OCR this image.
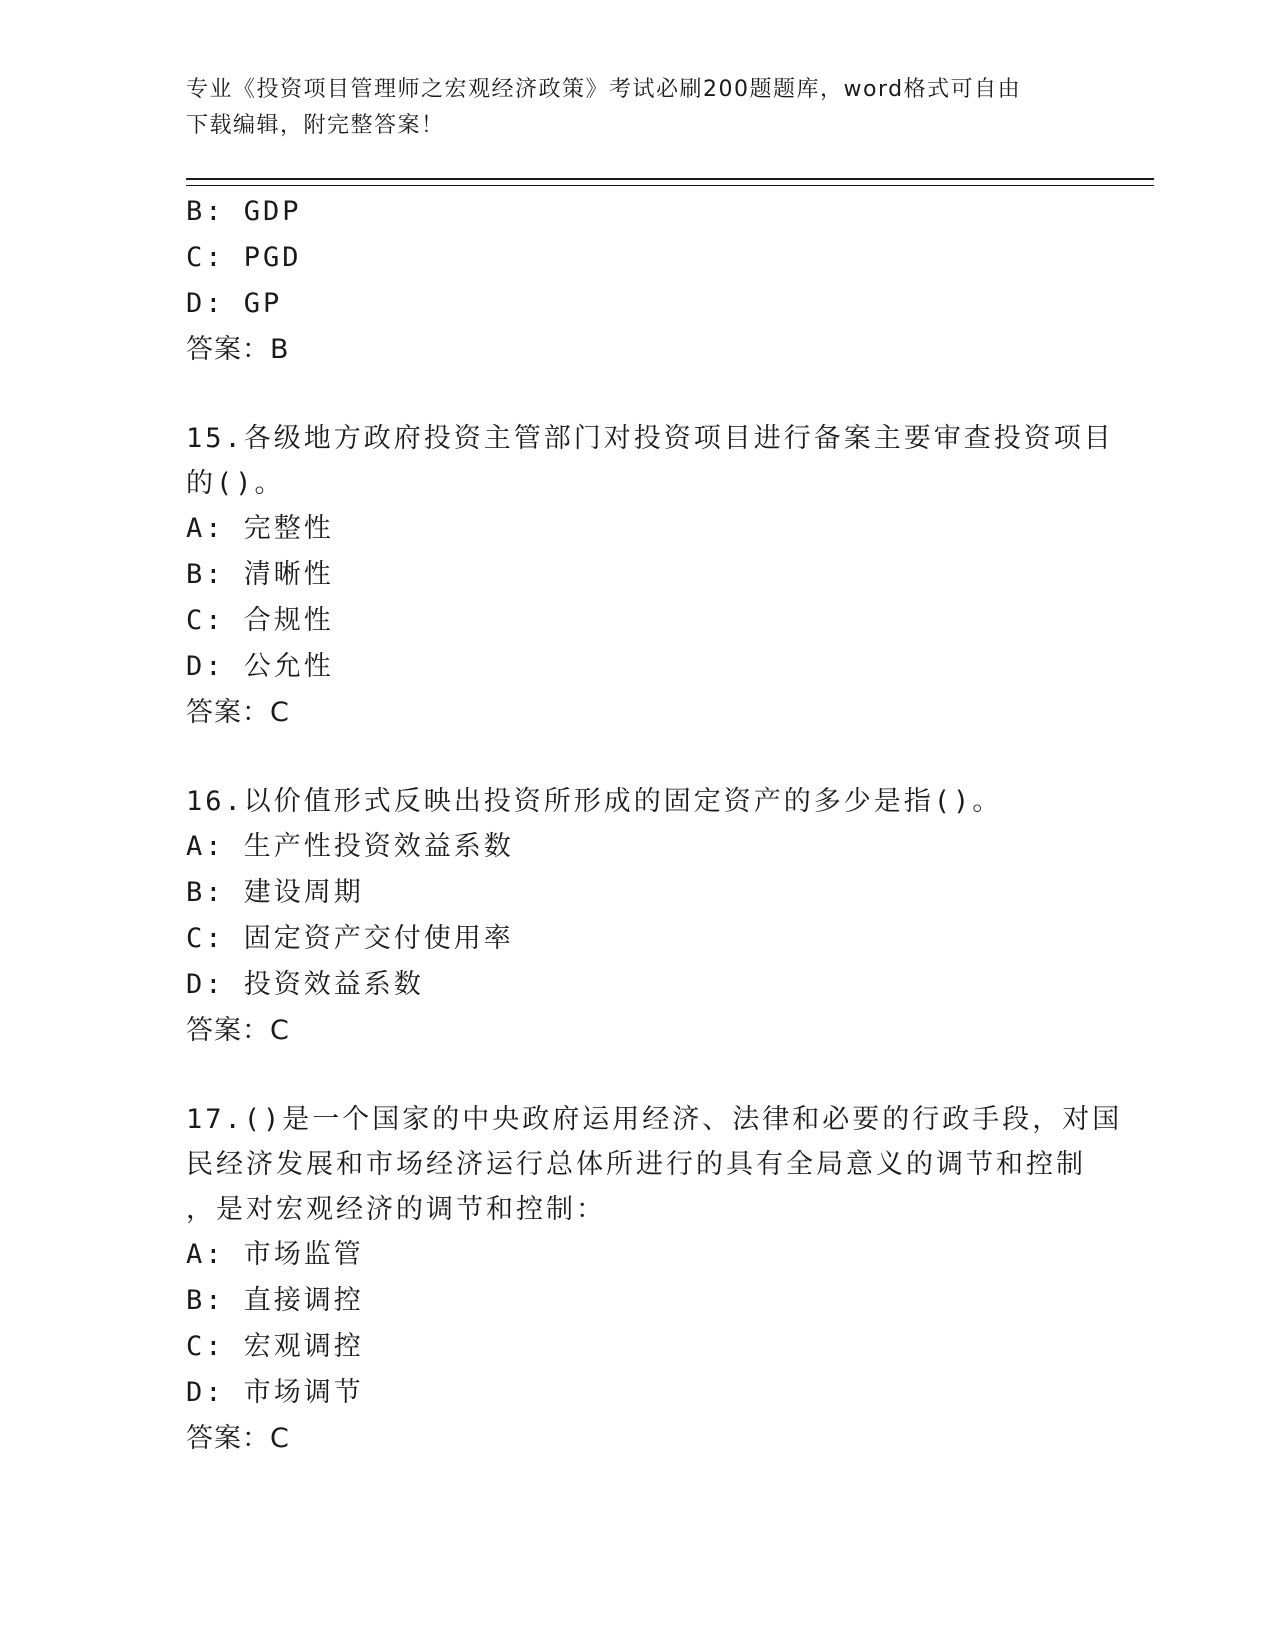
专业《投资项目管理师之宏观经济政策》考试必刷200题题库，word格式可自由
下载编辑，附完整答案！
B: GDP
C: PGD
D: GP
答案：B
15.各级地方政府投资主管部门对投资项目进行备案主要审查投资项目
的()。
A: 完整性
B: 清晰性
C: 合规性
D: 公允性
答案：C
16.以价值形式反映出投资所形成的固定资产的多少是指()。
A: 生产性投资效益系数
B: 建设周期
C: 固定资产交付使用率
D: 投资效益系数
答案：C
17.()是一个国家的中央政府运用经济、法律和必要的行政手段，对国
民经济发展和市场经济运行总体所进行的具有全局意义的调节和控制
，是对宏观经济的调节和控制：
A: 市场监管
B: 直接调控
C: 宏观调控
D: 市场调节
答案：C
